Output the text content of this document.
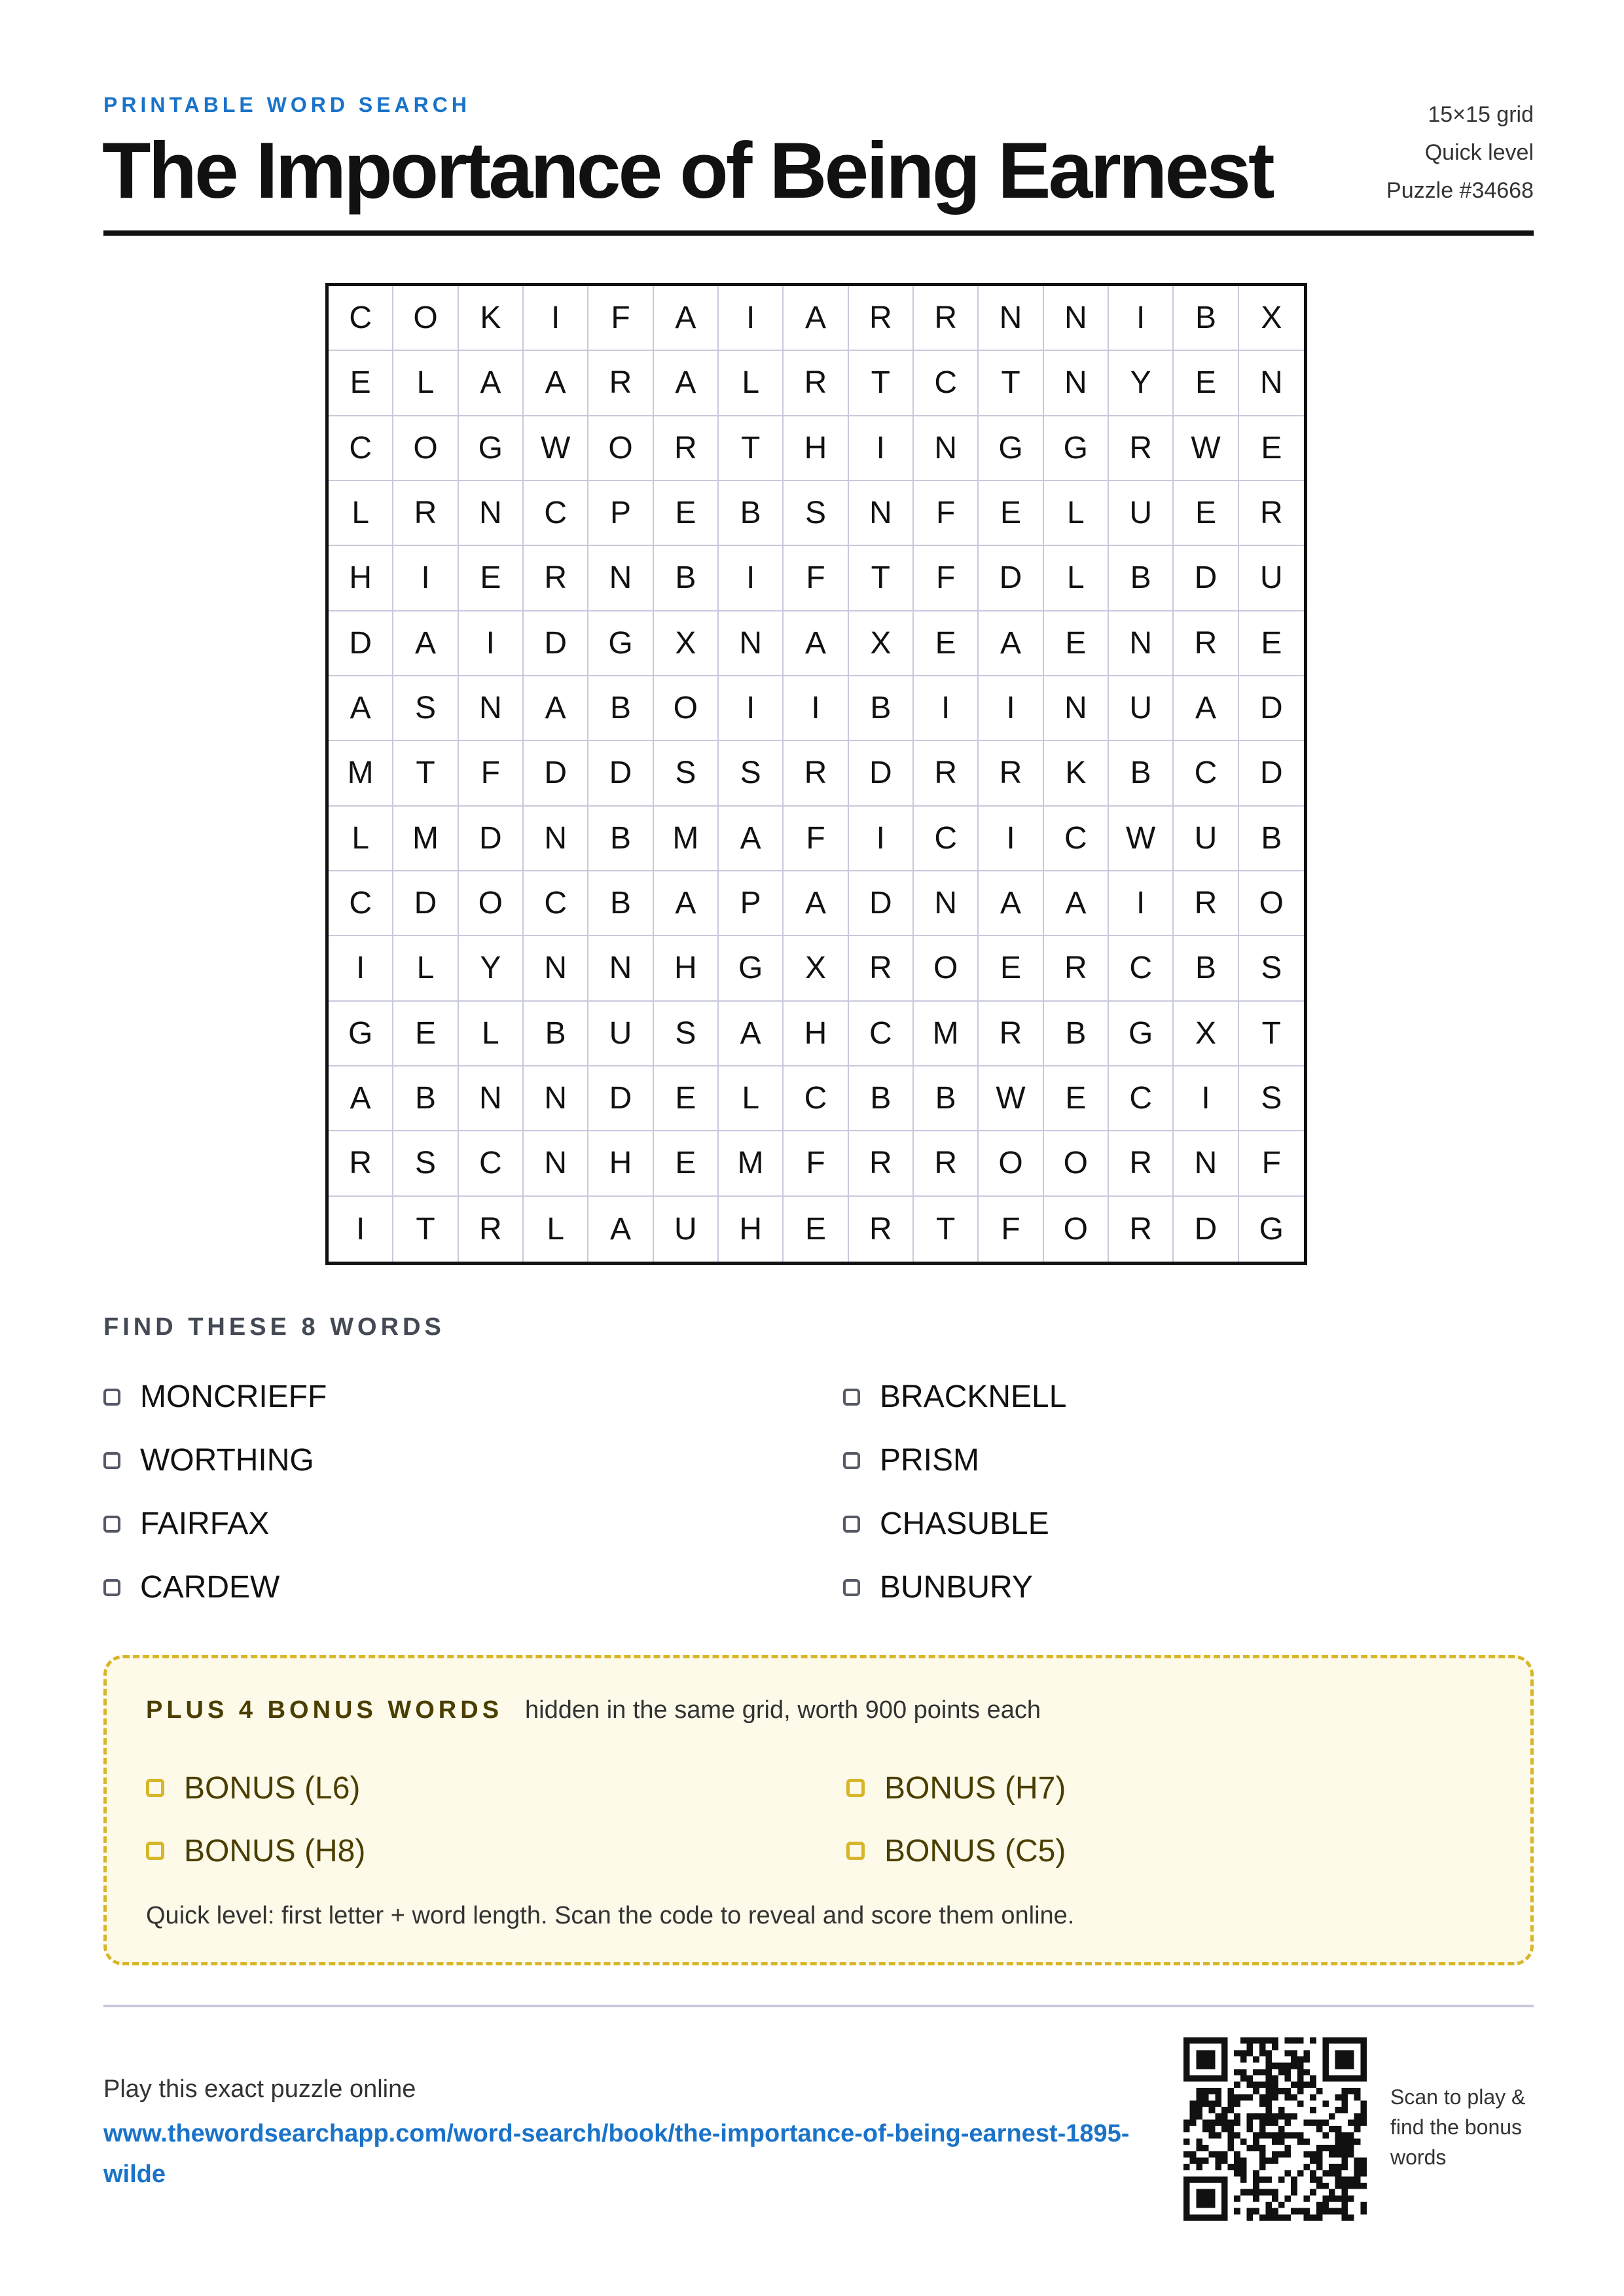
PRINTABLE WORD SEARCH
The Importance of Being Earnest
15×15 grid
Quick level
Puzzle #34668
C	O	K	I	F	A	I	A	R	R	N	N	I	B	X
E	L	A	A	R	A	L	R	T	C	T	N	Y	E	N
C	O	G	W	O	R	T	H	I	N	G	G	R	W	E
L	R	N	C	P	E	B	S	N	F	E	L	U	E	R
H	I	E	R	N	B	I	F	T	F	D	L	B	D	U
D	A	I	D	G	X	N	A	X	E	A	E	N	R	E
A	S	N	A	B	O	I	I	B	I	I	N	U	A	D
M	T	F	D	D	S	S	R	D	R	R	K	B	C	D
L	M	D	N	B	M	A	F	I	C	I	C	W	U	B
C	D	O	C	B	A	P	A	D	N	A	A	I	R	O
I	L	Y	N	N	H	G	X	R	O	E	R	C	B	S
G	E	L	B	U	S	A	H	C	M	R	B	G	X	T
A	B	N	N	D	E	L	C	B	B	W	E	C	I	S
R	S	C	N	H	E	M	F	R	R	O	O	R	N	F
I	T	R	L	A	U	H	E	R	T	F	O	R	D	G
FIND THESE 8 WORDS
MONCRIEFF	BRACKNELL
WORTHING	PRISM
FAIRFAX	CHASUBLE
CARDEW	BUNBURY
PLUS 4 BONUS WORDS hidden in the same grid, worth 900 points each
BONUS (L6)	BONUS (H7)
BONUS (H8)	BONUS (C5)
Quick level: first letter + word length. Scan the code to reveal and score them online.
Play this exact puzzle online
www.thewordsearchapp.com/word-search/book/the-importance-of-being-earnest-1895-wilde
Scan to play & find the bonus words
